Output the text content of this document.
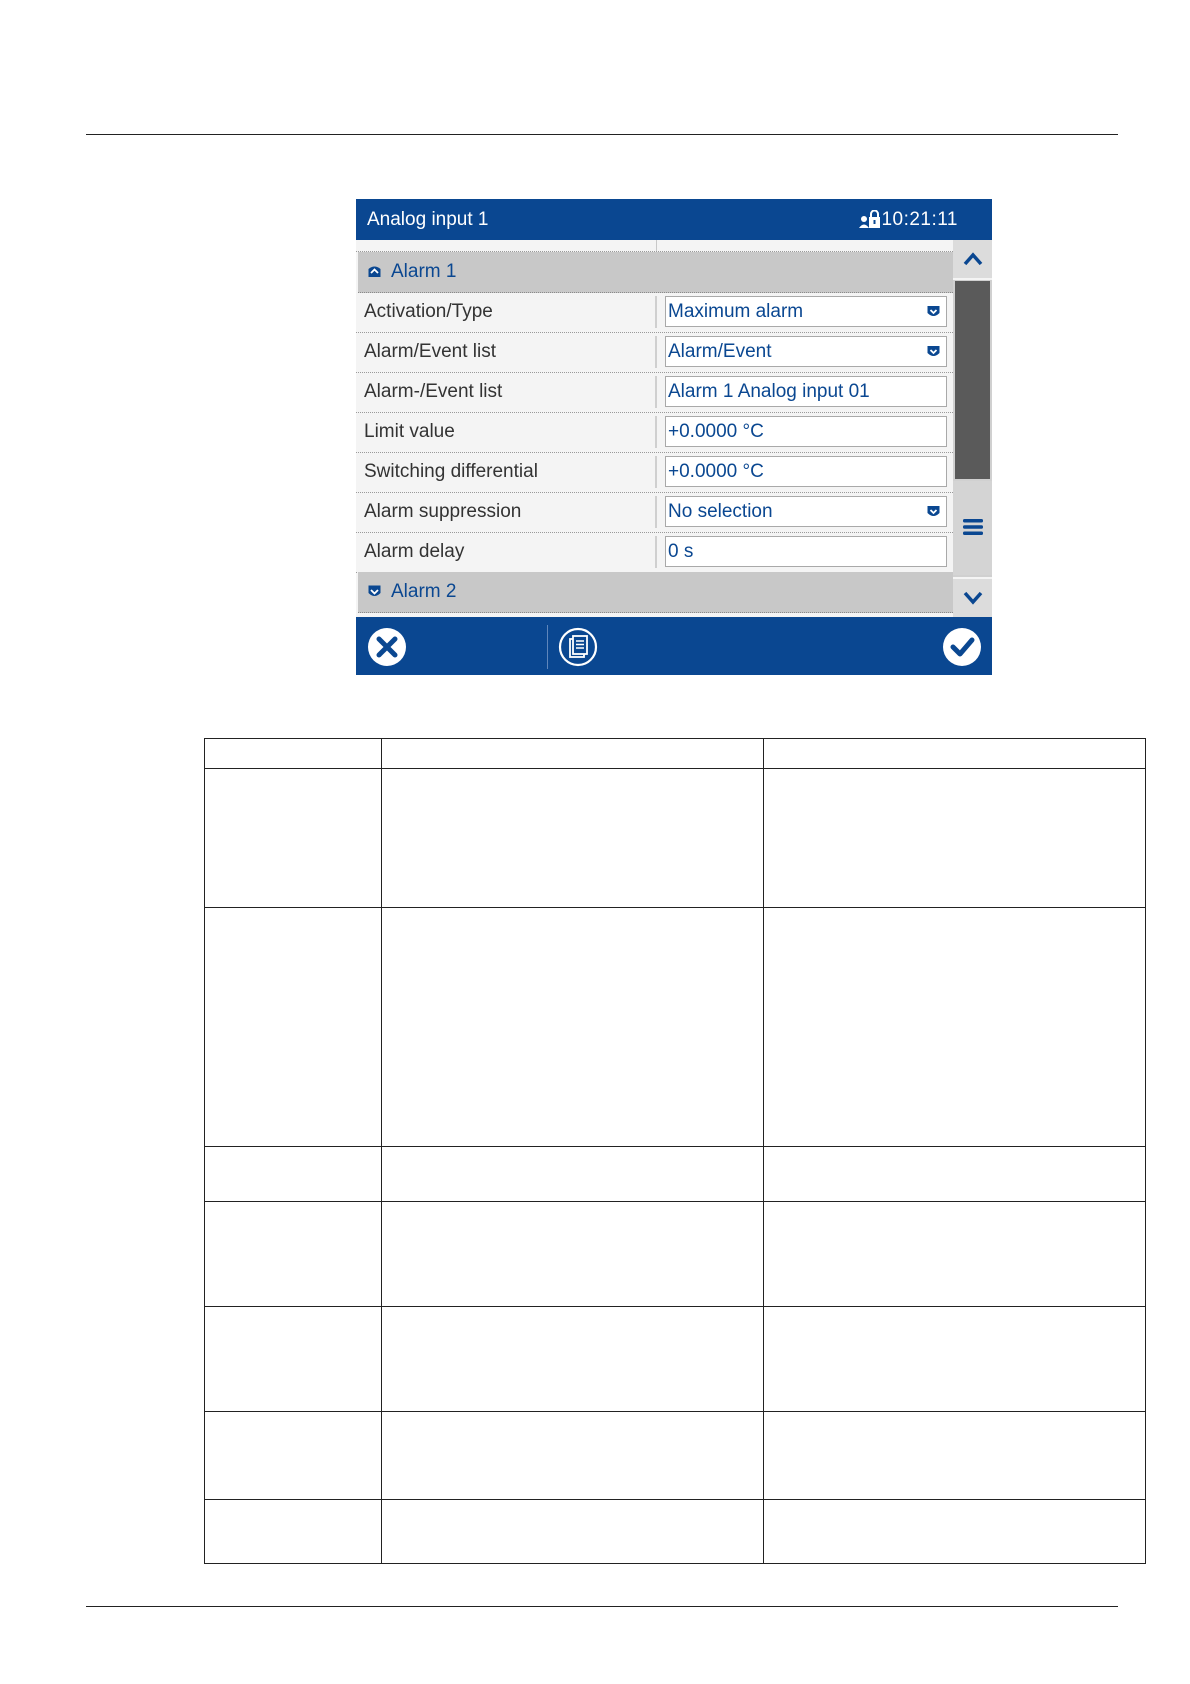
Analog input 1	10:21:11
Alarm 1
Activation/Type	Maximum alarm
Alarm/Event list	Alarm/Event
Alarm-/Event list	Alarm 1 Analog input 01
Limit value	+0.0000 °C
Switching differential	+0.0000 °C
Alarm suppression	No selection
Alarm delay	0 s
Alarm 2
